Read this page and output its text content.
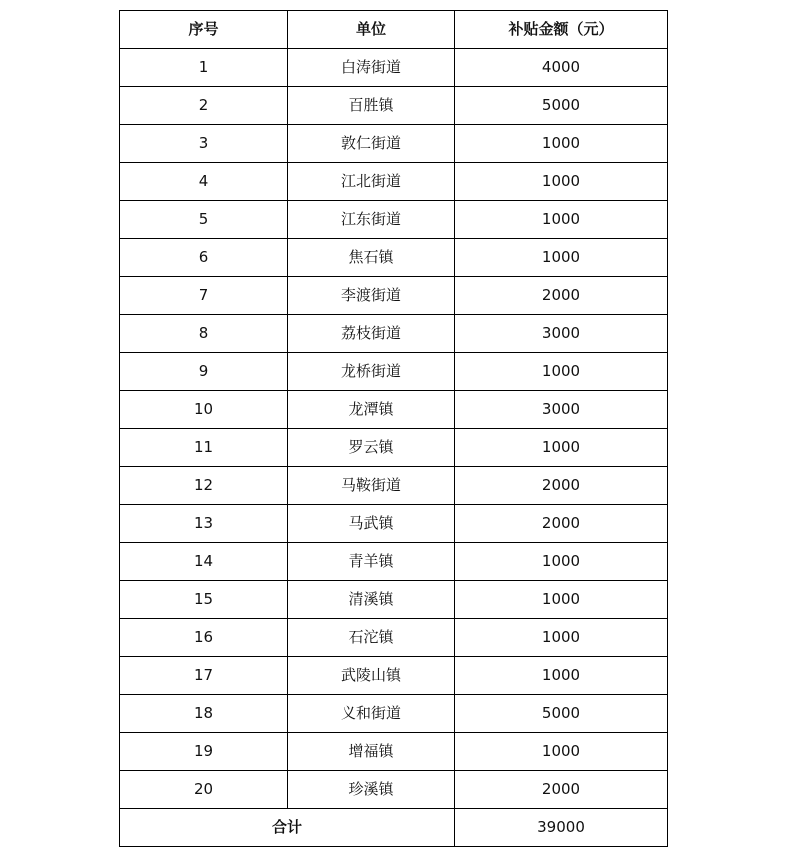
序号	单位	补贴金额（元）
1	白涛街道	4000
2	百胜镇	5000
3	敦仁街道	1000
4	江北街道	1000
5	江东街道	1000
6	焦石镇	1000
7	李渡街道	2000
8	荔枝街道	3000
9	龙桥街道	1000
10	龙潭镇	3000
11	罗云镇	1000
12	马鞍街道	2000
13	马武镇	2000
14	青羊镇	1000
15	清溪镇	1000
16	石沱镇	1000
17	武陵山镇	1000
18	义和街道	5000
19	增福镇	1000
20	珍溪镇	2000
合计		39000
